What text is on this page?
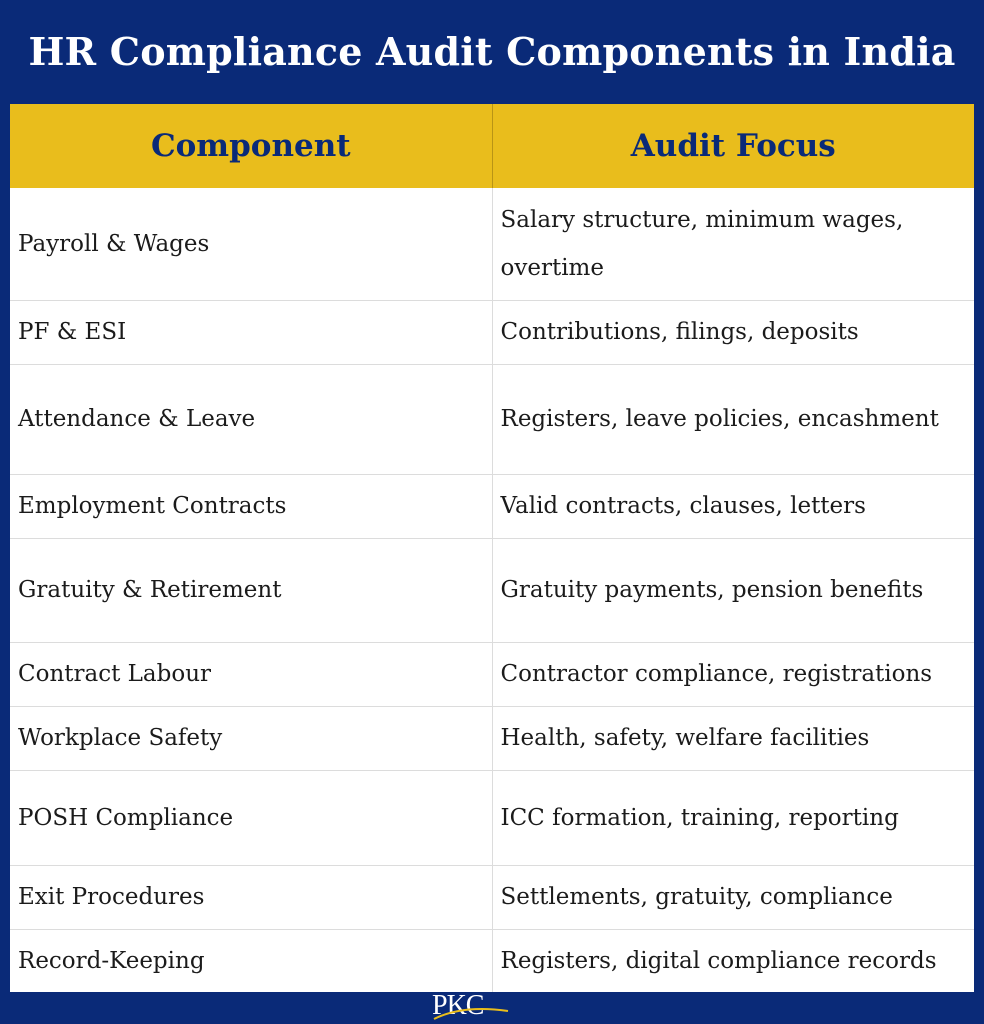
HR Compliance Audit Components in India
Component	Audit Focus
Payroll & Wages	Salary structure, minimum wages, overtime
PF & ESI	Contributions, filings, deposits
Attendance & Leave	Registers, leave policies, encashment
Employment Contracts	Valid contracts, clauses, letters
Gratuity & Retirement	Gratuity payments, pension benefits
Contract Labour	Contractor compliance, registrations
Workplace Safety	Health, safety, welfare facilities
POSH Compliance	ICC formation, training, reporting
Exit Procedures	Settlements, gratuity, compliance
Record-Keeping	Registers, digital compliance records
PKC
